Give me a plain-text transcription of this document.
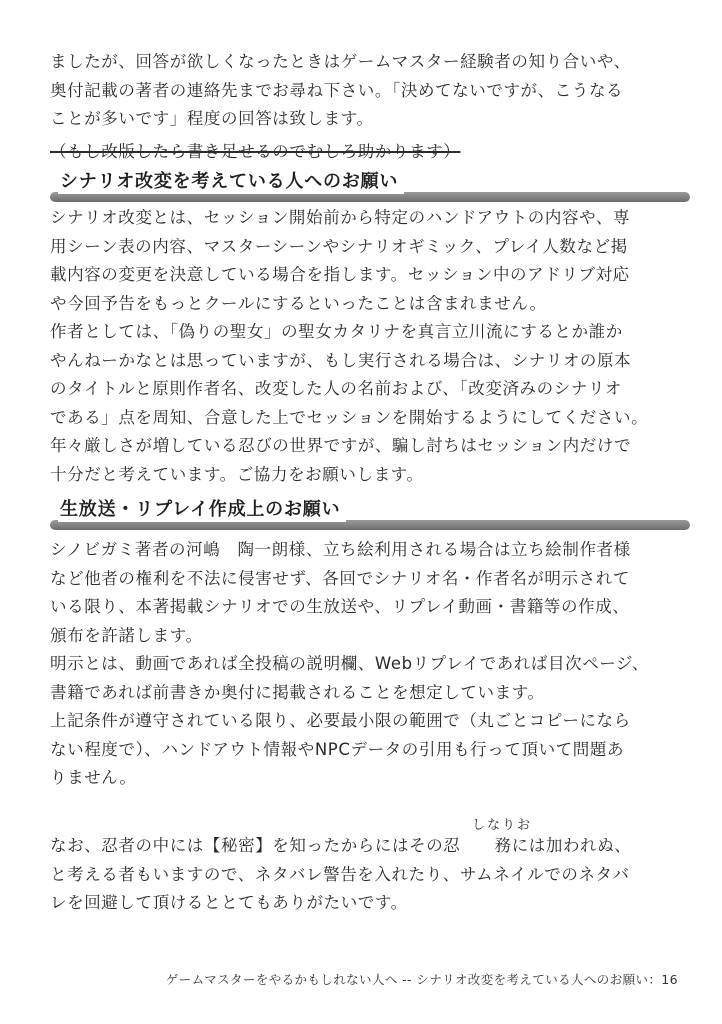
ましたが、回答が欲しくなったときはゲームマスター経験者の知り合いや、
奥付記載の著者の連絡先までお尋ね下さい。「決めてないですが、こうなる
ことが多いです」程度の回答は致します。

（もし改版したら書き足せるのでむしろ助かります）

シナリオ改変を考えている人へのお願い

シナリオ改変とは、セッション開始前から特定のハンドアウトの内容や、専
用シーン表の内容、マスターシーンやシナリオギミック、プレイ人数など掲
載内容の変更を決意している場合を指します。セッション中のアドリブ対応
や今回予告をもっとクールにするといったことは含まれません。
作者としては、「偽りの聖女」の聖女カタリナを真言立川流にするとか誰か
やんねーかなとは思っていますが、もし実行される場合は、シナリオの原本
のタイトルと原則作者名、改変した人の名前および、「改変済みのシナリオ
である」点を周知、合意した上でセッションを開始するようにしてください。
年々厳しさが増している忍びの世界ですが、騙し討ちはセッション内だけで
十分だと考えています。ご協力をお願いします。

生放送・リプレイ作成上のお願い

シノビガミ著者の河嶋　陶一朗様、立ち絵利用される場合は立ち絵制作者様
など他者の権利を不法に侵害せず、各回でシナリオ名・作者名が明示されて
いる限り、本著掲載シナリオでの生放送や、リプレイ動画・書籍等の作成、
頒布を許諾します。
明示とは、動画であれば全投稿の説明欄、Webリプレイであれば目次ページ、
書籍であれば前書きか奥付に掲載されることを想定しています。
上記条件が遵守されている限り、必要最小限の範囲で（丸ごとコピーになら
ない程度で）、ハンドアウト情報やNPCデータの引用も行って頂いて問題あ
りません。

しなりお

なお、忍者の中には【秘密】を知ったからにはその忍　　務には加われぬ、
と考える者もいますので、ネタバレ警告を入れたり、サムネイルでのネタバ
レを回避して頂けるととてもありがたいです。

ゲームマスターをやるかもしれない人へ -- シナリオ改変を考えている人へのお願い：16
